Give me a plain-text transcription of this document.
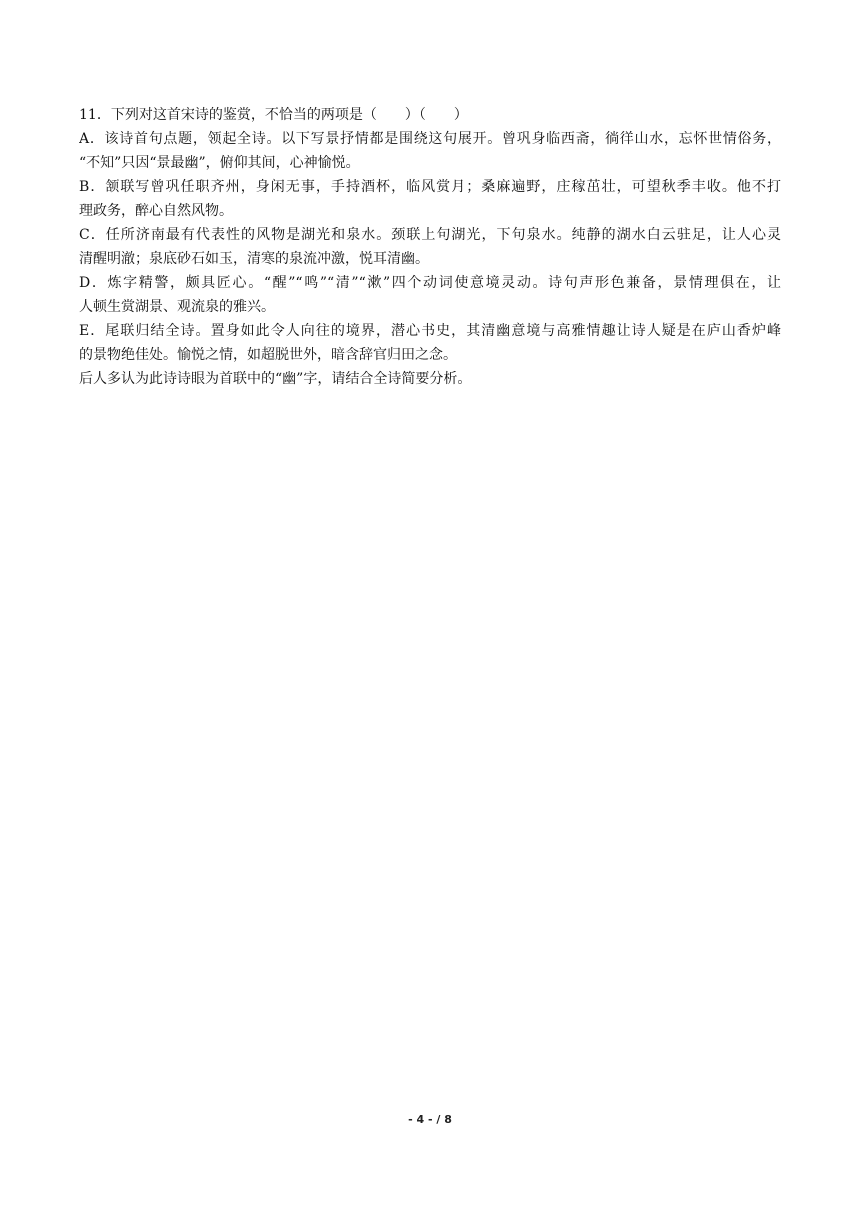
11．下列对这首宋诗的鉴赏，不恰当的两项是（　　）（　　）

A．该诗首句点题，领起全诗。以下写景抒情都是围绕这句展开。曾巩身临西斋，徜徉山水，忘怀世情俗务，

“不知”只因“景最幽”，俯仰其间，心神愉悦。

B．颔联写曾巩任职齐州，身闲无事，手持酒杯，临风赏月；桑麻遍野，庄稼茁壮，可望秋季丰收。他不打

理政务，醉心自然风物。

C．任所济南最有代表性的风物是湖光和泉水。颈联上句湖光，下句泉水。纯静的湖水白云驻足，让人心灵

清醒明澈；泉底砂石如玉，清寒的泉流冲激，悦耳清幽。

D．炼字精警，颇具匠心。“醒”“鸣”“清”“漱”四个动词使意境灵动。诗句声形色兼备，景情理俱在，让

人顿生赏湖景、观流泉的雅兴。

E．尾联归结全诗。置身如此令人向往的境界，潜心书史，其清幽意境与高雅情趣让诗人疑是在庐山香炉峰

的景物绝佳处。愉悦之情，如超脱世外，暗含辞官归田之念。

后人多认为此诗诗眼为首联中的“幽”字，请结合全诗简要分析。

- 4 - / 8
